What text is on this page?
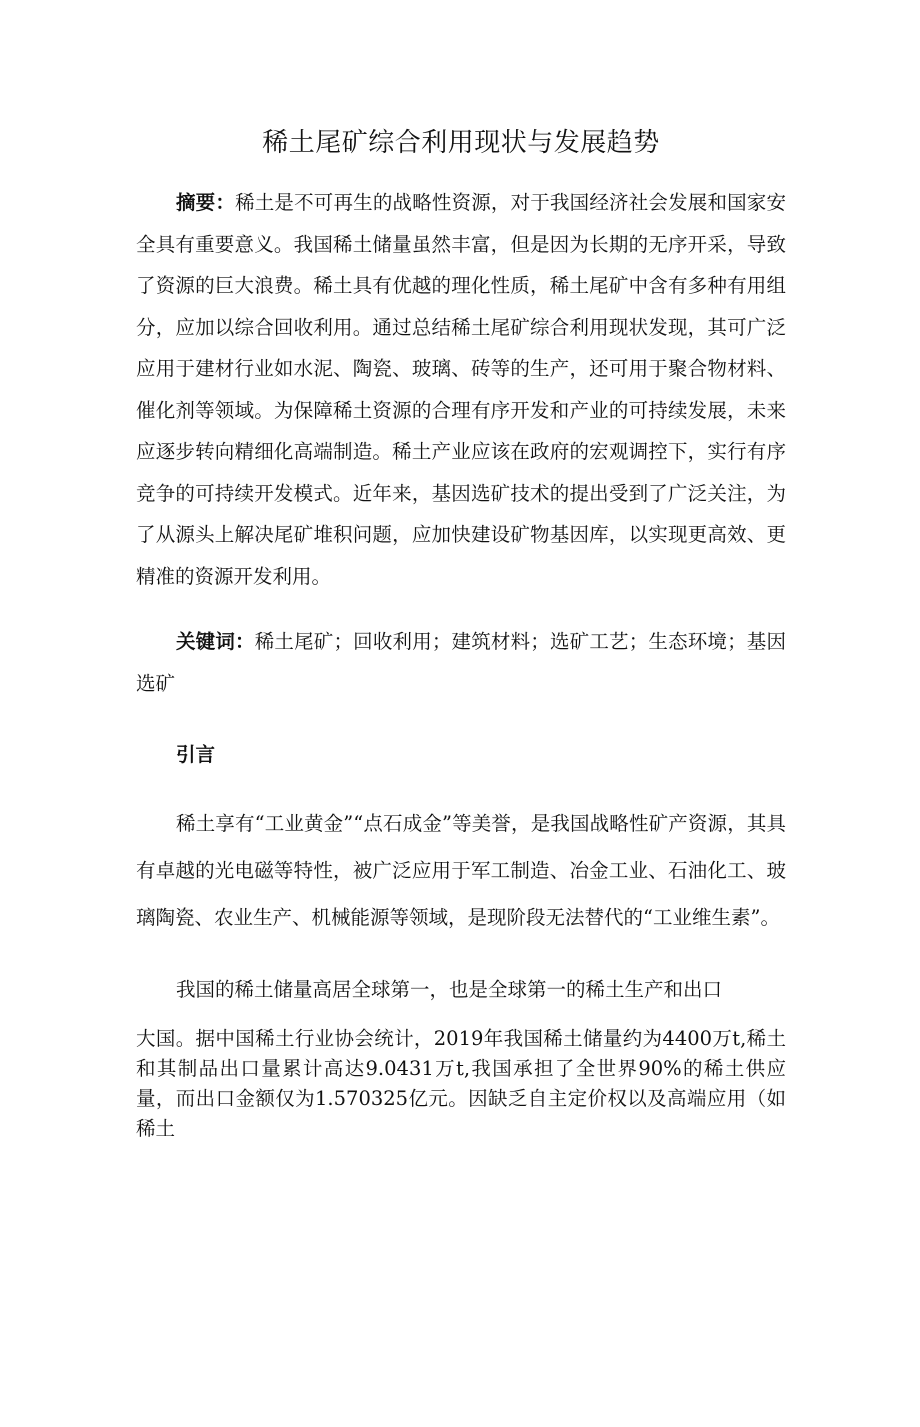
稀土尾矿综合利用现状与发展趋势

摘要：稀土是不可再生的战略性资源，对于我国经济社会发展和国家安全具有重要意义。我国稀土储量虽然丰富，但是因为长期的无序开采，导致了资源的巨大浪费。稀土具有优越的理化性质，稀土尾矿中含有多种有用组分，应加以综合回收利用。通过总结稀土尾矿综合利用现状发现，其可广泛应用于建材行业如水泥、陶瓷、玻璃、砖等的生产，还可用于聚合物材料、催化剂等领域。为保障稀土资源的合理有序开发和产业的可持续发展，未来应逐步转向精细化高端制造。稀土产业应该在政府的宏观调控下，实行有序竞争的可持续开发模式。近年来，基因选矿技术的提出受到了广泛关注，为了从源头上解决尾矿堆积问题，应加快建设矿物基因库，以实现更高效、更精准的资源开发利用。

关键词：稀土尾矿；回收利用；建筑材料；选矿工艺；生态环境；基因选矿

引言

稀土享有“工业黄金”“点石成金”等美誉，是我国战略性矿产资源，其具有卓越的光电磁等特性，被广泛应用于军工制造、冶金工业、石油化工、玻璃陶瓷、农业生产、机械能源等领域，是现阶段无法替代的“工业维生素”。

我国的稀土储量高居全球第一，也是全球第一的稀土生产和出口

大国。据中国稀土行业协会统计，2019年我国稀土储量约为4400万t,稀土和其制品出口量累计高达9.0431万t,我国承担了全世界90%的稀土供应量，而出口金额仅为1.570325亿元。因缺乏自主定价权以及高端应用（如稀土
